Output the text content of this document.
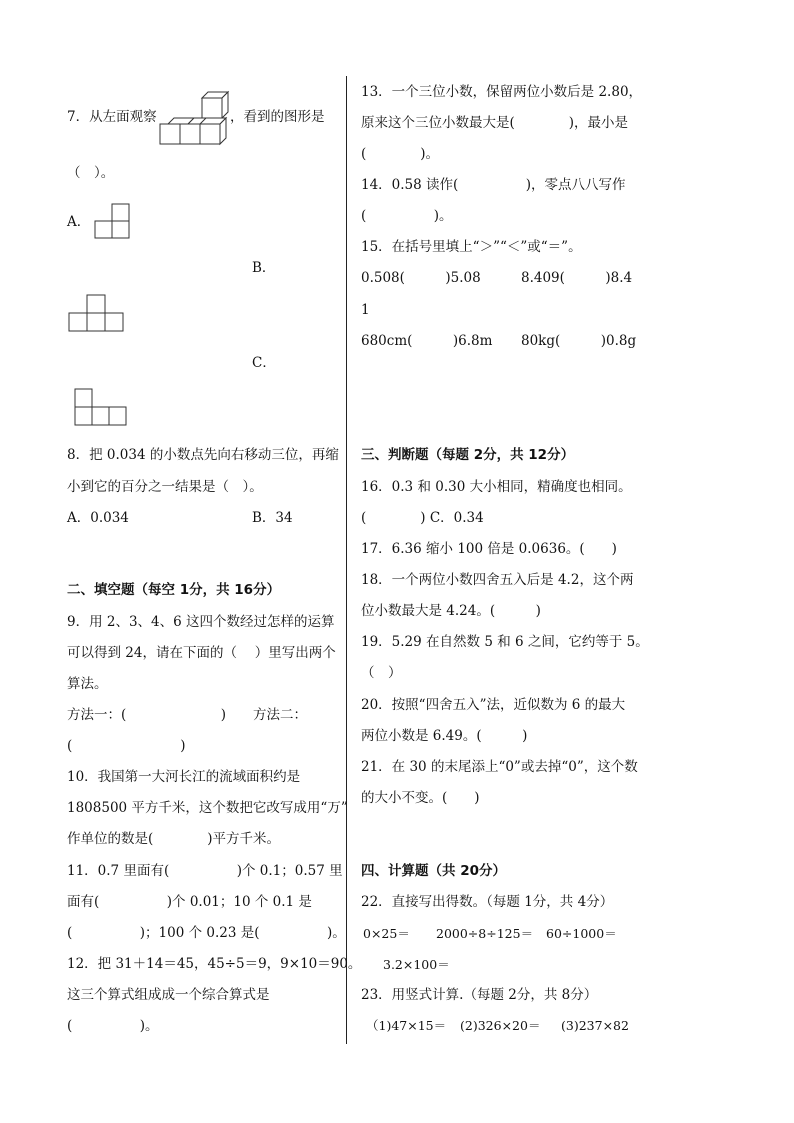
7．从左面观察	，看到的图形是
（　）。
A．
B．
C．
8．把 0.034 的小数点先向右移动三位，再缩
小到它的百分之一结果是（　）。
A．0.034	B．34
二、填空题（每空 1分，共 16分）
9．用 2、3、4、6 这四个数经过怎样的运算
可以得到 24，请在下面的（　 ）里写出两个
算法。
方法一：(　　　　　　　)　　方法二：
(　　　　　　　　)
10．我国第一大河长江的流域面积约是
1808500 平方千米，这个数把它改写成用“万”
作单位的数是(　　　　)平方千米。
11．0.7 里面有(　　　　　)个 0.1；0.57 里
面有(　　　　　)个 0.01；10 个 0.1 是
(　　　　　)；100 个 0.23 是(　　　　　)。
12．把 31＋14＝45，45÷5＝9，9×10＝90。
这三个算式组成成一个综合算式是
(　　　　　)。
13．一个三位小数，保留两位小数后是 2.80，
原来这个三位小数最大是(　　　　)，最小是
(　　　　)。
14．0.58 读作(　　　　　)，零点八八写作
(　　　　　)。
15．在括号里填上“＞”“＜”或“＝”。
0.508(　　　)5.08	8.409(　　　)8.4
1
680cm(　　　)6.8m 80kg(　　　)0.8g
三、判断题（每题 2分，共 12分）
16．0.3 和 0.30 大小相同，精确度也相同。
(　　　　) C．0.34
17．6.36 缩小 100 倍是 0.0636。(　　)
18．一个两位小数四舍五入后是 4.2，这个两
位小数最大是 4.24。(　　　)
19．5.29 在自然数 5 和 6 之间，它约等于 5。
（　）
20．按照“四舍五入”法，近似数为 6 的最大
两位小数是 6.49。(　　　)
21．在 30 的末尾添上“0”或去掉“0”，这个数
的大小不变。(　　)
四、计算题（共 20分）
22．直接写出得数。（每题 1分，共 4分）
0×25＝ 2000÷8÷125＝ 60÷1000＝
3.2×100＝
23．用竖式计算.（每题 2分，共 8分）
（1)47×15＝ (2)326×20＝ (3)237×82
